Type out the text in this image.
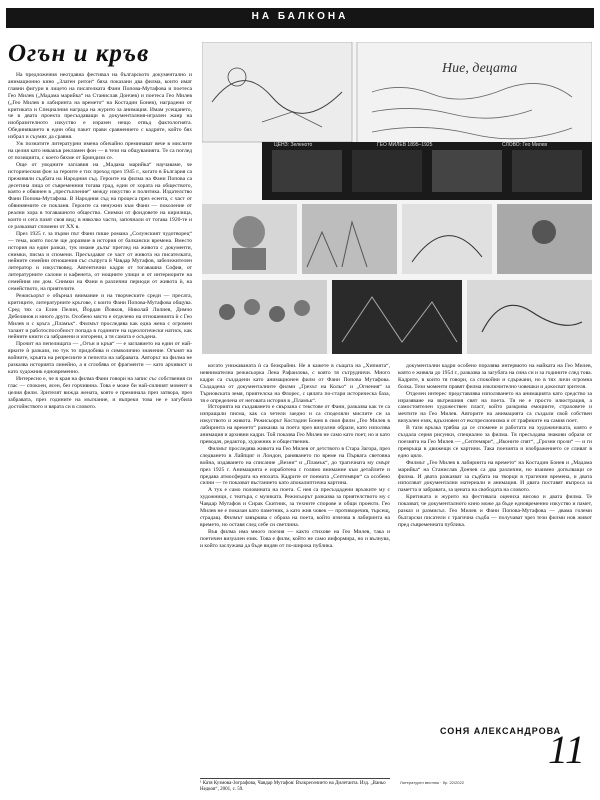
НА БАЛКОНА
Огън и кръв

На предложения неотдавна фестивал на българското документално и анимационно кино „Златен ритон“ бяха показани два филма, които имат главни фигури в лицето на писателката Фани Попова-Мутафова и поетеса Гео Милев („Мадама марийка“ на Станислав Дончев) и поетеса Гео Милев („Гео Милев в лабиринта на времето“ на Костадин Бонев), наградени от критиката и Специалния награда на журито за анимация. Имам усещането, че в двата проекта пресъздаващи в документалния-игрален жанр на изобразителното изкуство е изразен нещо отвъд фактологията. Обединяването в един общ пакет прави сравнението с кадрите, който бях избрал и съумях да сравня.

Уж познатите литературни имена обичайно преминават вече в мислите на целия като някакъв рекламен фон — в тези на общуванията. Те са поглед от позицията, с което бяхме от Бриндизи се.

Още от уводните заглавия на „Мадама марийка“ научаваме, че историческия фон за героите е тих преход през 1945 г., когато в България са преживяли съдбата на Народния съд. Героите на филма на Фани Попова са десетина лица от съвременния тогава град, един от хората на обществото, която е обвинен в „престъпление“ между изкуство и политика. Издателство Фани Попова-Мутафова. В Народния съд на процеса през есента, с част от обвиняемите се покланя. Героите са ненужни към Фани — поколение от реални хора в тогавашното общество. Снимки от фондовете на кирилица, които и сега пазят своя вид; в няколко части, започнали от тогава 1920-те и се разказват спомени от XX в.

През 1925 г. за първи път Фани пише романа „Солунският чудотворец“ — тема, която после ще доразвие в история от балкански времена. Вместо история на един разказ, тук имаме дълъг преглед на живота с документи, снимки, писма и спомени. Пресъздават се част от живота на писателката, нейните семейни отношения със съпруга ѝ Чавдар Мутафов, забележителен литератор и изкуствовед. Автентични кадри от тогавашна София, от литературните салони и кафенета, от нощните улици и от интериорите на семейния им дом. Снимки на Фани в различни периоди от живота ѝ, на семейството, на приятелите.

Режисьорът е обърнал внимание и на творческите среди — пресата, критиците, литературните кръгове, с които Фани Попова-Мутафова общува. Сред тях са Елин Пелин, Йордан Йовков, Николай Лилиев, Димчо Дебелянов и много други. Особено място е отделено на отношенията ѝ с Гео Милев и с кръга „Пламък“. Филмът проследява как една жена с огромен талант и работоспособност попада в годините на идеологически натиск, как нейните книги са забранени и изгорени, а тя самата е осъдена.

Прочит на пепелищата — „Огън и кръв“ — е заглавието на един от най-ярките ѝ разкази, но тук то придобива и символично значение. Огънят на войните, кръвта на репресиите и пепелта на забравата. Авторът на филма не разказва историята линейно, а я сглобява от фрагменти — като архивист и като художник едновременно.

Интересно е, че в края на филма Фани говори на запис със собствения си глас — спокоен, ясен, без горчивина. Това е може би най-силният момент в целия филм. Зрителят вижда жената, която е преминала през затвора, през забравата, през годините на мълчание, и въпреки това не е загубила достойнството и вярата си в словото.

Ние, децата
ЦЕНЗ: Зеленото	ГЕО МИЛЕВ 1895–1925	СЛОВО: Гео Милев

когато унижаваната ѝ са безкрайни. Не я кажете в същата на „Хипията“, невнимателна режисьорка Лена Рафаилова, с която тя сътрудничи. Много кадри са създадени като анимационен филм от Фани Попова Мутафова. Създадена от документалните филми „Грехът на Кольо“ и „Огнения“ за Търновската земя, приятелска на Флорес, с цялата по-стари историческа база, тя е определена от неговата история в „Пламък“.

Историята на създаването е свързана с текстове от Фани, разказва как те са изпращали писма, как са четели заедно и са споделяли мислите си за изкуството и живота. Режисьорът Костадин Бонев в своя филм „Гео Милев в лабиринта на времето“ разказва за поета чрез визуални образи, като използва анимация и архивни кадри. Той показва Гео Милев не само като поет, но и като преводач, редактор, художник и общественик.

Филмът проследява живота на Гео Милев от детството в Стара Загора, през следването в Лайпциг и Лондон, раняването по време на Първата световна война, издаването на списание „Везни“ и „Пламък“, до трагичната му смърт през 1925 г. Анимацията е изработена с голямо внимание към детайлите и предава атмосферата на епохата. Кадрите от поемата „Септември“ са особено силни — те показват въстанието като апокалиптична картина.

А тук е само половината на поета. С нея са пресъздадени връзките му с художници, с театъра, с музиката. Режисьорът разказва за приятелството му с Чавдар Мутафов и Сирак Скитник, за техните спорове и общи проекти. Гео Милев не е показан като паметник, а като жив човек — противоречив, търсещ, страдащ. Филмът завършва с образа на поета, който изчезва в лабиринта на времето, но оставя след себе си светлина.

Във филма има много поезия — както стихове на Гео Милев, така и поетичен визуален език. Това е филм, който не само информира, но и вълнува, и който заслужава да бъде видян от по-широка публика.

документални кадри особено поразява интервюто на майката на Гео Милев, която е живяла до 1954 г., разказва за загубата на сина си и за годините след това. Кадрите, в които тя говори, са спокойни и сдържани, но в тях личи огромна болка. Тези моменти правят филма изключително човешки и докосват зрителя.

Отделен интерес представлява използването на анимацията като средство за изразяване на вътрешния свят на поета. Тя не е просто илюстрация, а самостоятелен художествен пласт, който разкрива емоциите, страховете и мечтите на Гео Милев. Авторите на анимацията са създали свой собствен визуален език, вдъхновен от експресионизма и от графиките на самия поет.

В тази връзка трябва да се спомене и работата на художничката, която е създала серия рисунки, специално за филма. Тя пресъздава знакови образи от поезията на Гео Милев — „Септември“, „Иконите спят“, „Грозни прози“ — и ги превръща в движещи се картини. Така поезията и изображението се сливат в едно цяло.

Филмът „Гео Милев в лабиринта на времето“ на Костадин Бонев и „Мадама марийка“ на Станислав Дончев са два различни, но взаимно допълващи се филма. И двата разказват за съдбата на творци в трагични времена, и двата използват документални материали и анимация. И двата поставят въпроса за паметта и забравата, за цената на свободата на словото.

Критиката и журито на фестивала оцениха високо и двата филма. Те показват, че документалното кино може да бъде едновременно изкуство и памет, разказ и размисъл. Гео Милев и Фани Попова-Мутафова — двама големи български писатели с трагична съдба — получават чрез тези филми нов живот пред съвременната публика.

¹ Катя Кузмова-Зографова, Чавдар Мутафов: Възкресението на Дилетанта. Изд. „Ваньо Недков“, 2001, с. 59.
СОНЯ АЛЕКСАНДРОВА
11
Литературен вестник · бр. 22/2022
